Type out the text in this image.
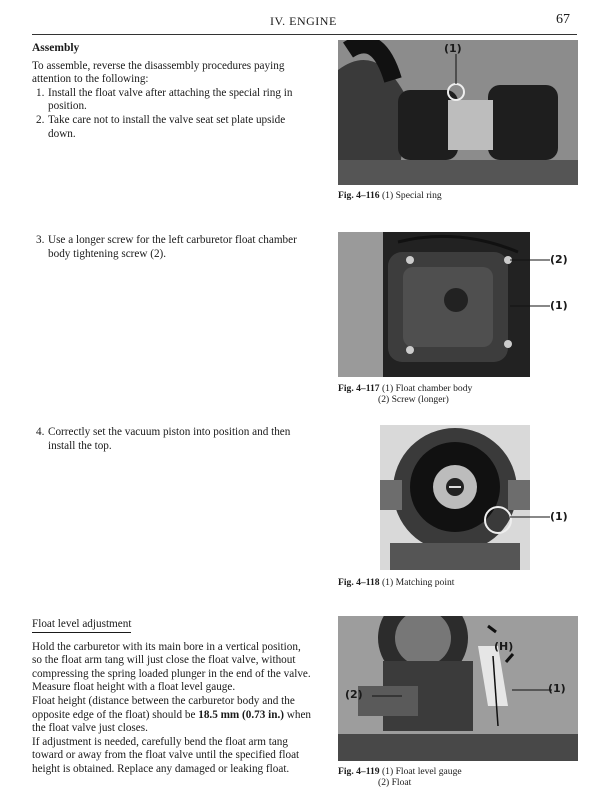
IV. ENGINE	67

Assembly

To assemble, reverse the disassembly procedures paying attention to the following:

1. Install the float valve after attaching the special ring in position.
2. Take care not to install the valve seat set plate upside down.
3. Use a longer screw for the left carburetor float chamber body tightening screw (2).
4. Correctly set the vacuum piston into position and then install the top.

Float level adjustment

Hold the carburetor with its main bore in a vertical position, so the float arm tang will just close the float valve, without compressing the spring loaded plunger in the end of the valve.

Measure float height with a float level gauge.

Float height (distance between the carburetor body and the opposite edge of the float) should be 18.5 mm (0.73 in.) when the float valve just closes.

If adjustment is needed, carefully bend the float arm tang toward or away from the float valve until the specified float height is obtained. Replace any damaged or leaking float.

(1)
Fig. 4–116 (1) Special ring
(2)
(1)
Fig. 4–117 (1) Float chamber body
(2) Screw (longer)
(1)
Fig. 4–118 (1) Matching point
(H)
(1)
(2)
Fig. 4–119 (1) Float level gauge
(2) Float
